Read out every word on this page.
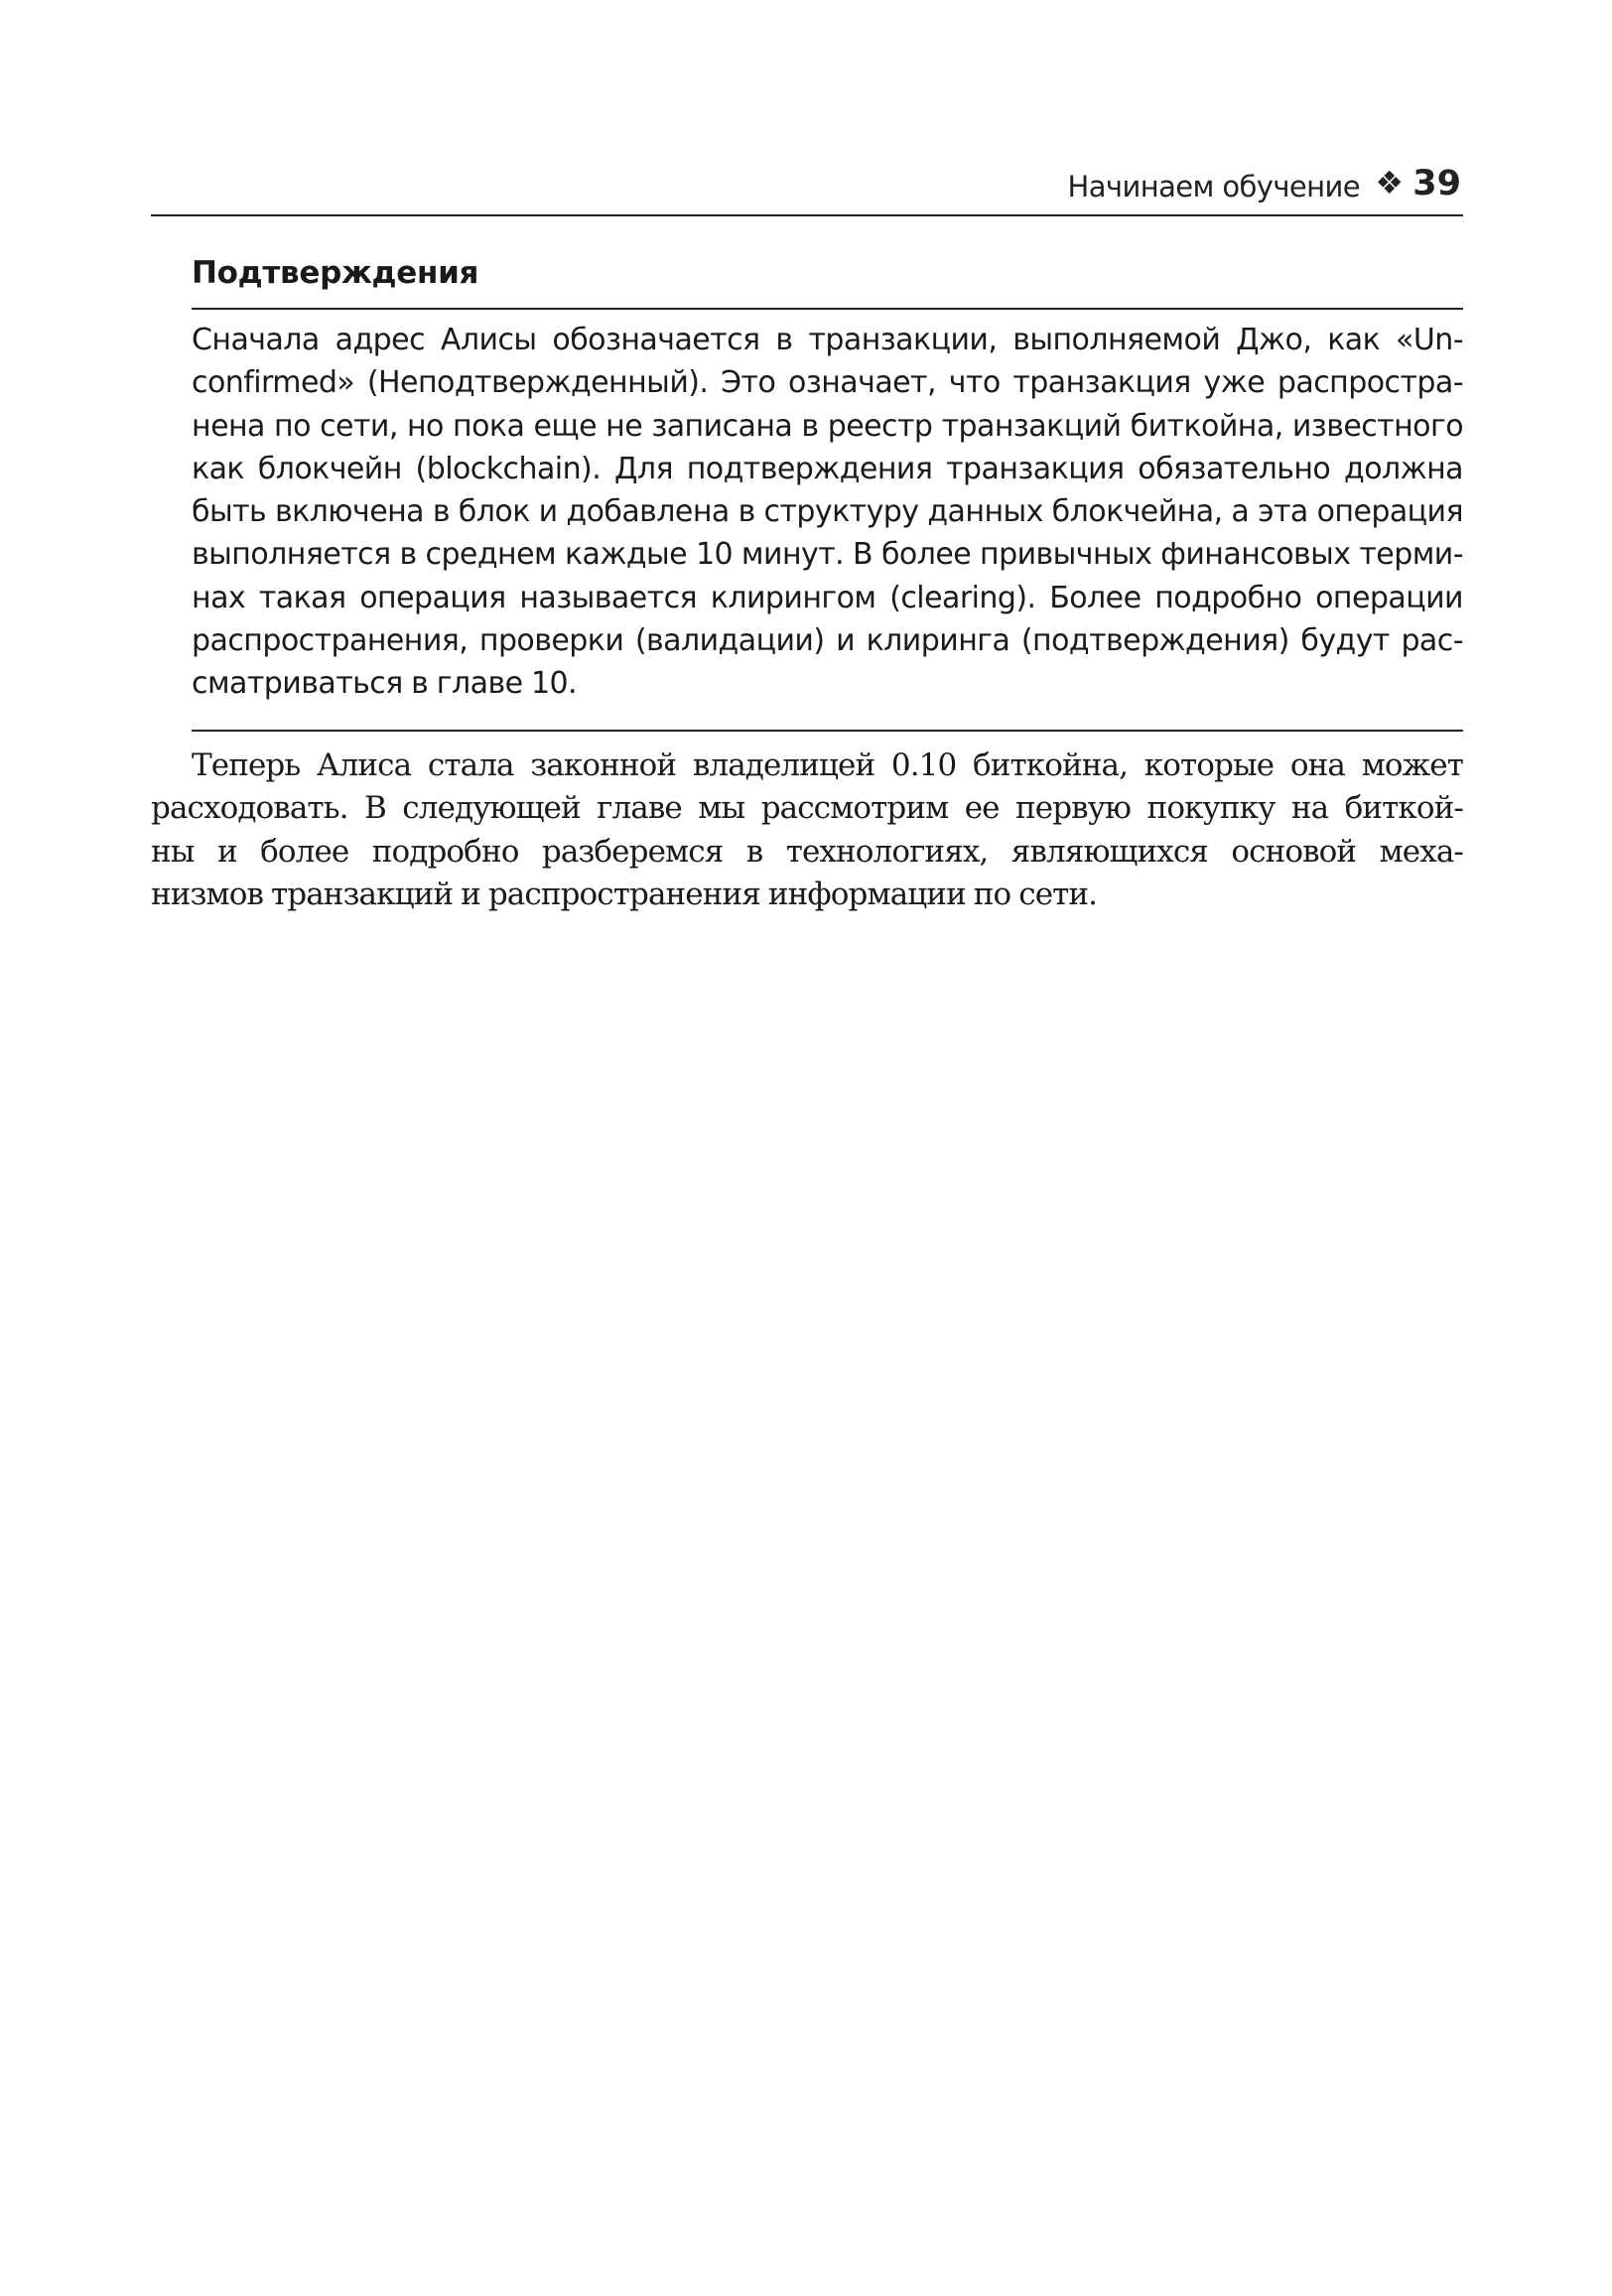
Начинаем обучение ❖ 39
Подтверждения

Сначала адрес Алисы обозначается в транзакции, выполняемой Джо, как «Un-
confirmed» (Неподтвержденный). Это означает, что транзакция уже распростра-
нена по сети, но пока еще не записана в реестр транзакций биткойна, известного
как блокчейн (blockchain). Для подтверждения транзакция обязательно должна
быть включена в блок и добавлена в структуру данных блокчейна, а эта операция
выполняется в среднем каждые 10 минут. В более привычных финансовых терми-
нах такая операция называется клирингом (clearing). Более подробно операции
распространения, проверки (валидации) и клиринга (подтверждения) будут рас-
сматриваться в главе 10.

Теперь Алиса стала законной владелицей 0.10 биткойна, которые она может
расходовать. В следующей главе мы рассмотрим ее первую покупку на биткой-
ны и более подробно разберемся в технологиях, являющихся основой меха-
низмов транзакций и распространения информации по сети.
